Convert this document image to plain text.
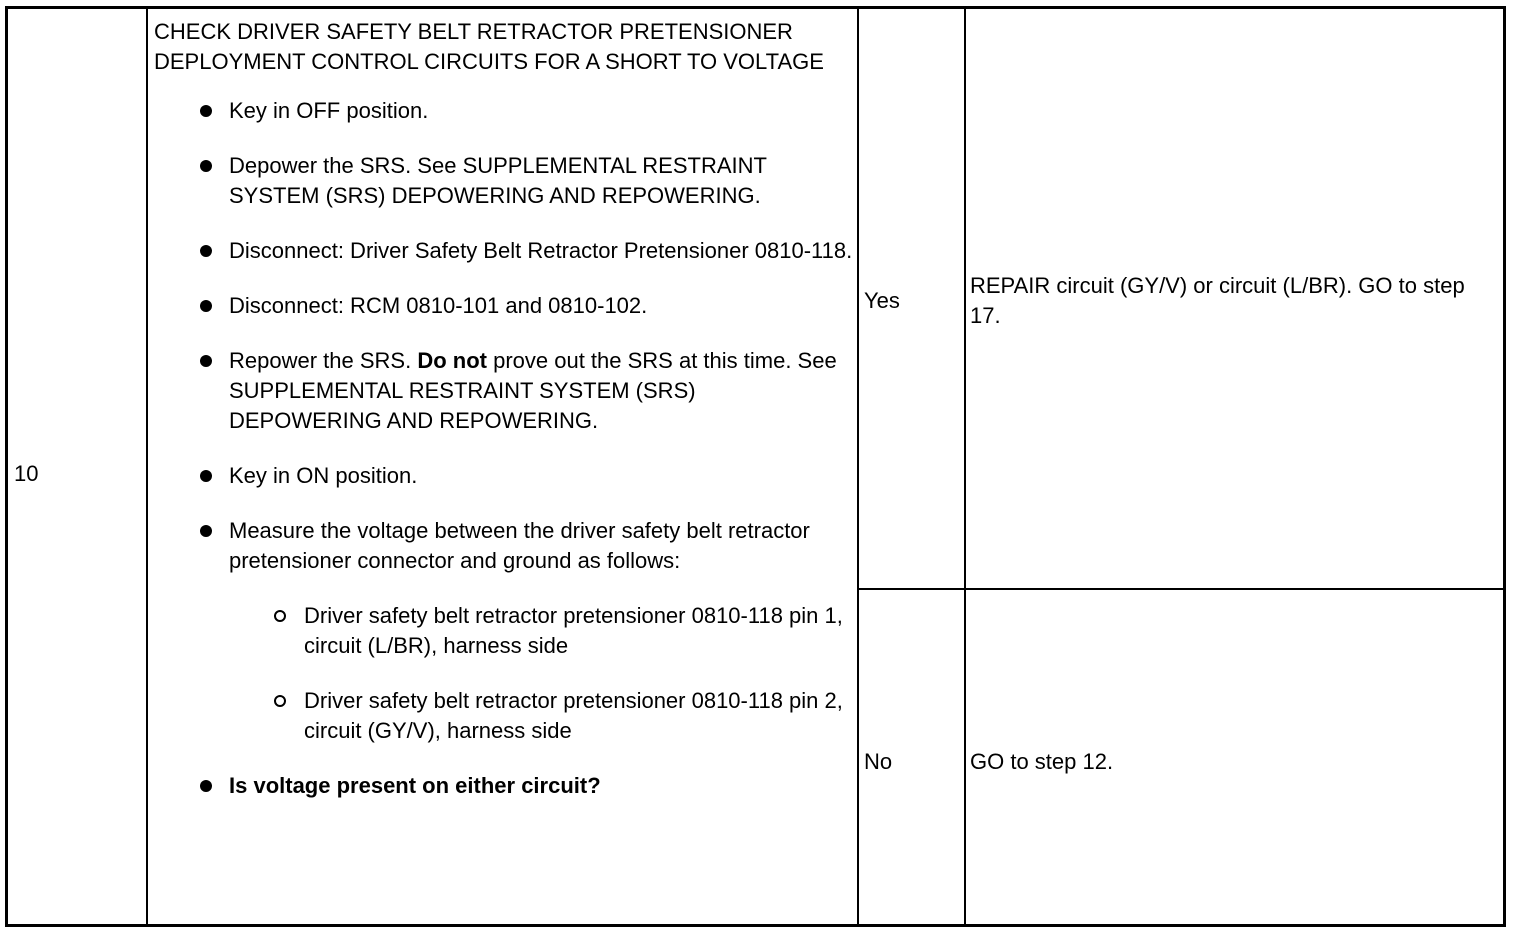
10
CHECK DRIVER SAFETY BELT RETRACTOR PRETENSIONER DEPLOYMENT CONTROL CIRCUITS FOR A SHORT TO VOLTAGE
Key in OFF position.
Depower the SRS. See SUPPLEMENTAL RESTRAINT SYSTEM (SRS) DEPOWERING AND REPOWERING.
Disconnect: Driver Safety Belt Retractor Pretensioner 0810-118.
Disconnect: RCM 0810-101 and 0810-102.
Repower the SRS. Do not prove out the SRS at this time. See SUPPLEMENTAL RESTRAINT SYSTEM (SRS) DEPOWERING AND REPOWERING.
Key in ON position.
Measure the voltage between the driver safety belt retractor pretensioner connector and ground as follows:
Driver safety belt retractor pretensioner 0810-118 pin 1, circuit (L/BR), harness side
Driver safety belt retractor pretensioner 0810-118 pin 2, circuit (GY/V), harness side
Is voltage present on either circuit?
Yes
REPAIR circuit (GY/V) or circuit (L/BR). GO to step 17.
No	GO to step 12.
